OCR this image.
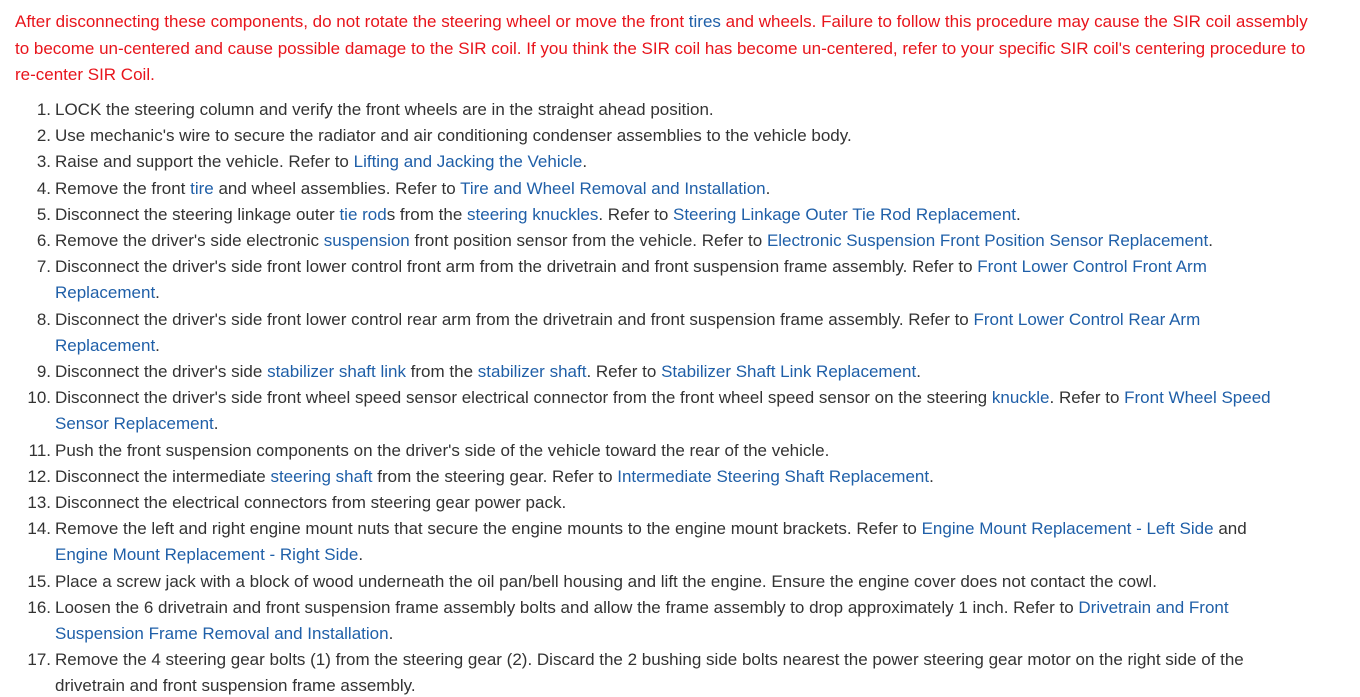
After disconnecting these components, do not rotate the steering wheel or move the front tires and wheels. Failure to follow this procedure may cause the SIR coil assembly to become un-centered and cause possible damage to the SIR coil. If you think the SIR coil has become un-centered, refer to your specific SIR coil's centering procedure to re-center SIR Coil.

1. LOCK the steering column and verify the front wheels are in the straight ahead position.
2. Use mechanic's wire to secure the radiator and air conditioning condenser assemblies to the vehicle body.
3. Raise and support the vehicle. Refer to Lifting and Jacking the Vehicle.
4. Remove the front tire and wheel assemblies. Refer to Tire and Wheel Removal and Installation.
5. Disconnect the steering linkage outer tie rods from the steering knuckles. Refer to Steering Linkage Outer Tie Rod Replacement.
6. Remove the driver's side electronic suspension front position sensor from the vehicle. Refer to Electronic Suspension Front Position Sensor Replacement.
7. Disconnect the driver's side front lower control front arm from the drivetrain and front suspension frame assembly. Refer to Front Lower Control Front Arm Replacement.
8. Disconnect the driver's side front lower control rear arm from the drivetrain and front suspension frame assembly. Refer to Front Lower Control Rear Arm Replacement.
9. Disconnect the driver's side stabilizer shaft link from the stabilizer shaft. Refer to Stabilizer Shaft Link Replacement.
10. Disconnect the driver's side front wheel speed sensor electrical connector from the front wheel speed sensor on the steering knuckle. Refer to Front Wheel Speed Sensor Replacement.
11. Push the front suspension components on the driver's side of the vehicle toward the rear of the vehicle.
12. Disconnect the intermediate steering shaft from the steering gear. Refer to Intermediate Steering Shaft Replacement.
13. Disconnect the electrical connectors from steering gear power pack.
14. Remove the left and right engine mount nuts that secure the engine mounts to the engine mount brackets. Refer to Engine Mount Replacement - Left Side and Engine Mount Replacement - Right Side.
15. Place a screw jack with a block of wood underneath the oil pan/bell housing and lift the engine. Ensure the engine cover does not contact the cowl.
16. Loosen the 6 drivetrain and front suspension frame assembly bolts and allow the frame assembly to drop approximately 1 inch. Refer to Drivetrain and Front Suspension Frame Removal and Installation.
17. Remove the 4 steering gear bolts (1) from the steering gear (2). Discard the 2 bushing side bolts nearest the power steering gear motor on the right side of the drivetrain and front suspension frame assembly.
